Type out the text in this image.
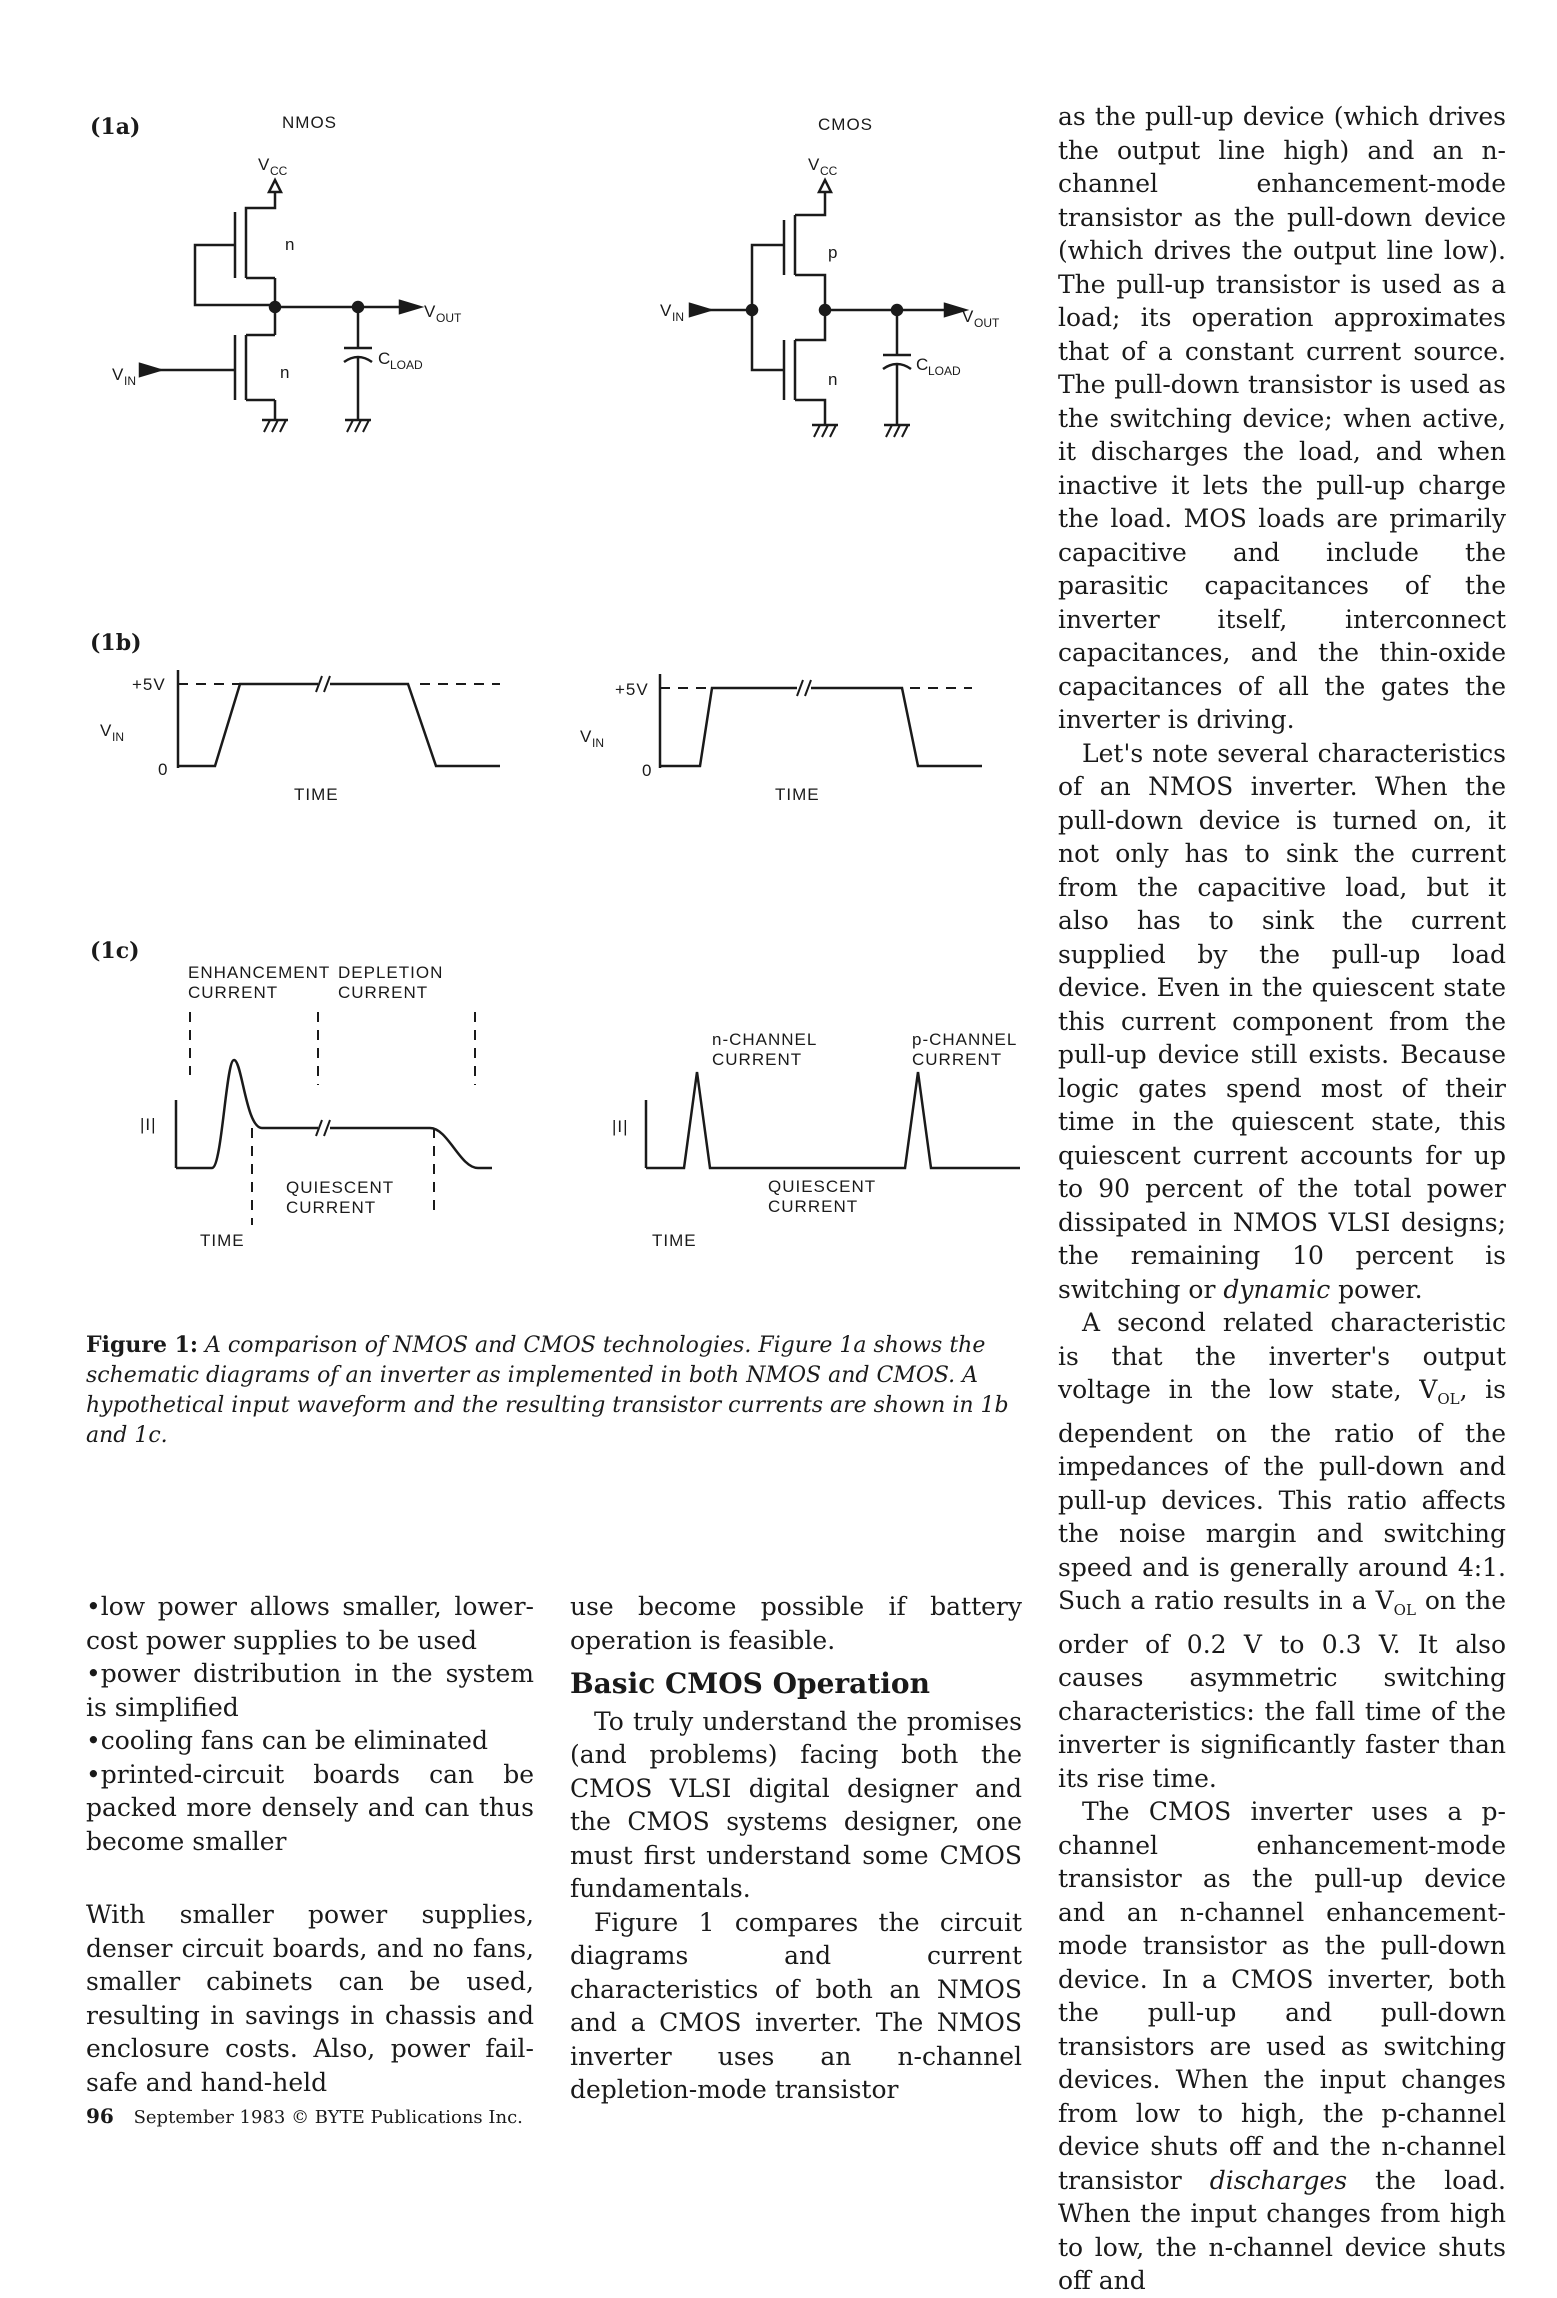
(1a)	NMOS	CMOS
V CC
n
V OUT
C
LOAD
n
V IN
V CC
p
V IN	V OUT
C
LOAD
n
(1b)
+5V
V IN
0
TIME
+5V
V IN
0
TIME
(1c)
ENHANCEMENT
CURRENT
DEPLETION
CURRENT
|I|
QUIESCENT
CURRENT
TIME
n-CHANNEL
CURRENT
p-CHANNEL
CURRENT
|I|
QUIESCENT
CURRENT
TIME
Figure 1: A comparison of NMOS and CMOS technologies. Figure 1a shows the schematic diagrams of an inverter as implemented in both NMOS and CMOS. A hypothetical input waveform and the resulting transistor currents are shown in 1b and 1c.

•low power allows smaller, lower-cost power supplies to be used

•power distribution in the system is simplified

•cooling fans can be eliminated

•printed-circuit boards can be packed more densely and can thus become smaller

With smaller power supplies, denser circuit boards, and no fans, smaller cabinets can be used, resulting in savings in chassis and enclosure costs. Also, power fail-safe and hand-held

use become possible if battery operation is feasible.

Basic CMOS Operation

To truly understand the promises (and problems) facing both the CMOS VLSI digital designer and the CMOS systems designer, one must first understand some CMOS fundamentals.

Figure 1 compares the circuit diagrams and current characteristics of both an NMOS and a CMOS inverter. The NMOS inverter uses an n-channel depletion-mode transistor

as the pull-up device (which drives the output line high) and an n-channel enhancement-mode transistor as the pull-down device (which drives the output line low). The pull-up transistor is used as a load; its operation approximates that of a constant current source. The pull-down transistor is used as the switching device; when active, it discharges the load, and when inactive it lets the pull-up charge the load. MOS loads are primarily capacitive and include the parasitic capacitances of the inverter itself, interconnect capacitances, and the thin-oxide capacitances of all the gates the inverter is driving.

Let's note several characteristics of an NMOS inverter. When the pull-down device is turned on, it not only has to sink the current from the capacitive load, but it also has to sink the current supplied by the pull-up load device. Even in the quiescent state this current component from the pull-up device still exists. Because logic gates spend most of their time in the quiescent state, this quiescent current accounts for up to 90 percent of the total power dissipated in NMOS VLSI designs; the remaining 10 percent is switching or dynamic power.

A second related characteristic is that the inverter's output voltage in the low state, $V_{OL}$, is dependent on the ratio of the impedances of the pull-down and pull-up devices. This ratio affects the noise margin and switching speed and is generally around 4:1. Such a ratio results in a $V_{OL}$ on the order of 0.2 V to 0.3 V. It also causes asymmetric switching characteristics: the fall time of the inverter is significantly faster than its rise time.

The CMOS inverter uses a p-channel enhancement-mode transistor as the pull-up device and an n-channel enhancement-mode transistor as the pull-down device. In a CMOS inverter, both the pull-up and pull-down transistors are used as switching devices. When the input changes from low to high, the p-channel device shuts off and the n-channel transistor discharges the load. When the input changes from high to low, the n-channel device shuts off and

96 September 1983 © BYTE Publications Inc.
